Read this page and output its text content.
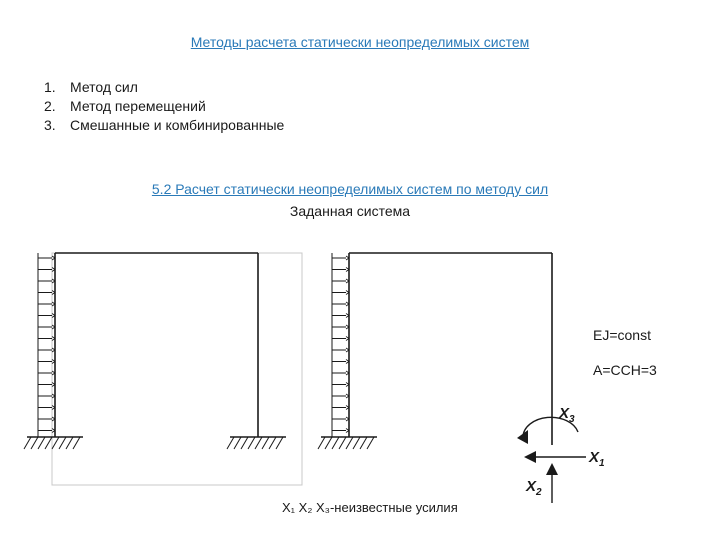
Методы расчета статически неопределимых систем
1.	Метод сил
2.	Метод перемещений
3.	Смешанные и комбинированные
5.2 Расчет статически неопределимых систем по методу сил
Заданная система
EJ=const
А=ССН=3
$X_3$
$X_1$
$X_2$
X₁ X₂ X₃-неизвестные усилия
